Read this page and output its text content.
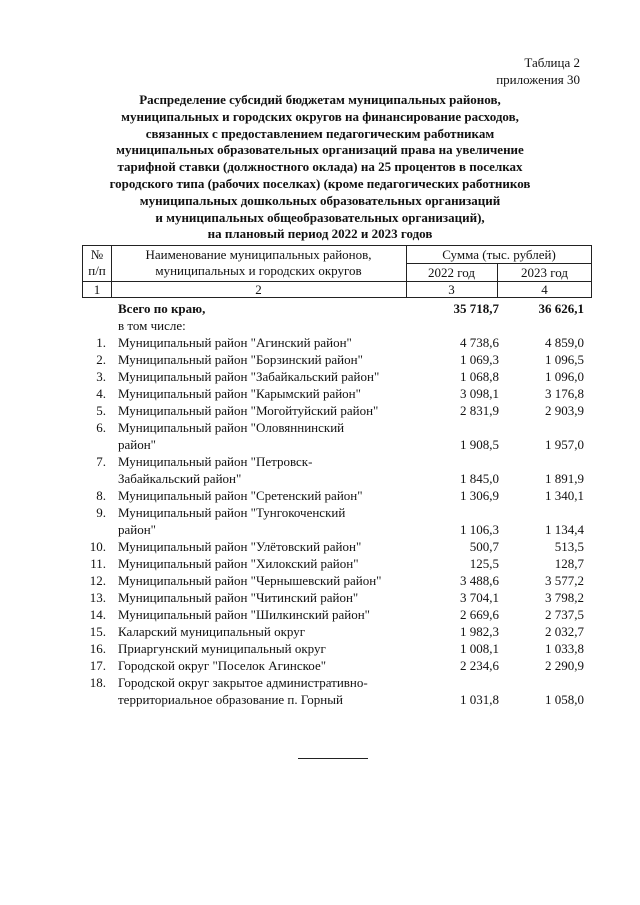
Таблица 2
приложения 30
Распределение субсидий бюджетам муниципальных районов,
муниципальных и городских округов на финансирование расходов,
связанных с предоставлением педагогическим работникам
муниципальных образовательных организаций права на увеличение
тарифной ставки (должностного оклада) на 25 процентов в поселках
городского типа (рабочих поселках) (кроме педагогических работников
муниципальных дошкольных образовательных организаций
и муниципальных общеобразовательных организаций),
на плановый период 2022 и 2023 годов
№
п/п
Наименование муниципальных районов,
муниципальных и городских округов
Сумма (тыс. рублей)
2022 год	2023 год
1	2	3	4
Всего по краю,	35 718,7	36 626,1
в том числе:
1. Муниципальный район "Агинский район"	4 738,6	4 859,0
2. Муниципальный район "Борзинский район"	1 069,3	1 096,5
3. Муниципальный район "Забайкальский район"	1 068,8	1 096,0
4. Муниципальный район "Карымский район"	3 098,1	3 176,8
5. Муниципальный район "Могойтуйский район"	2 831,9	2 903,9
6. Муниципальный район "Оловяннинский
район"	1 908,5	1 957,0
7. Муниципальный район "Петровск-
Забайкальский район"	1 845,0	1 891,9
8. Муниципальный район "Сретенский район"	1 306,9	1 340,1
9. Муниципальный район "Тунгокоченский
район"	1 106,3	1 134,4
10. Муниципальный район "Улётовский район"	500,7	513,5
11. Муниципальный район "Хилокский район"	125,5	128,7
12. Муниципальный район "Чернышевский район"	3 488,6	3 577,2
13. Муниципальный район "Читинский район"	3 704,1	3 798,2
14. Муниципальный район "Шилкинский район"	2 669,6	2 737,5
15. Каларский муниципальный округ	1 982,3	2 032,7
16. Приаргунский муниципальный округ	1 008,1	1 033,8
17. Городской округ "Поселок Агинское"	2 234,6	2 290,9
18. Городской округ закрытое административно-
территориальное образование п. Горный	1 031,8	1 058,0
